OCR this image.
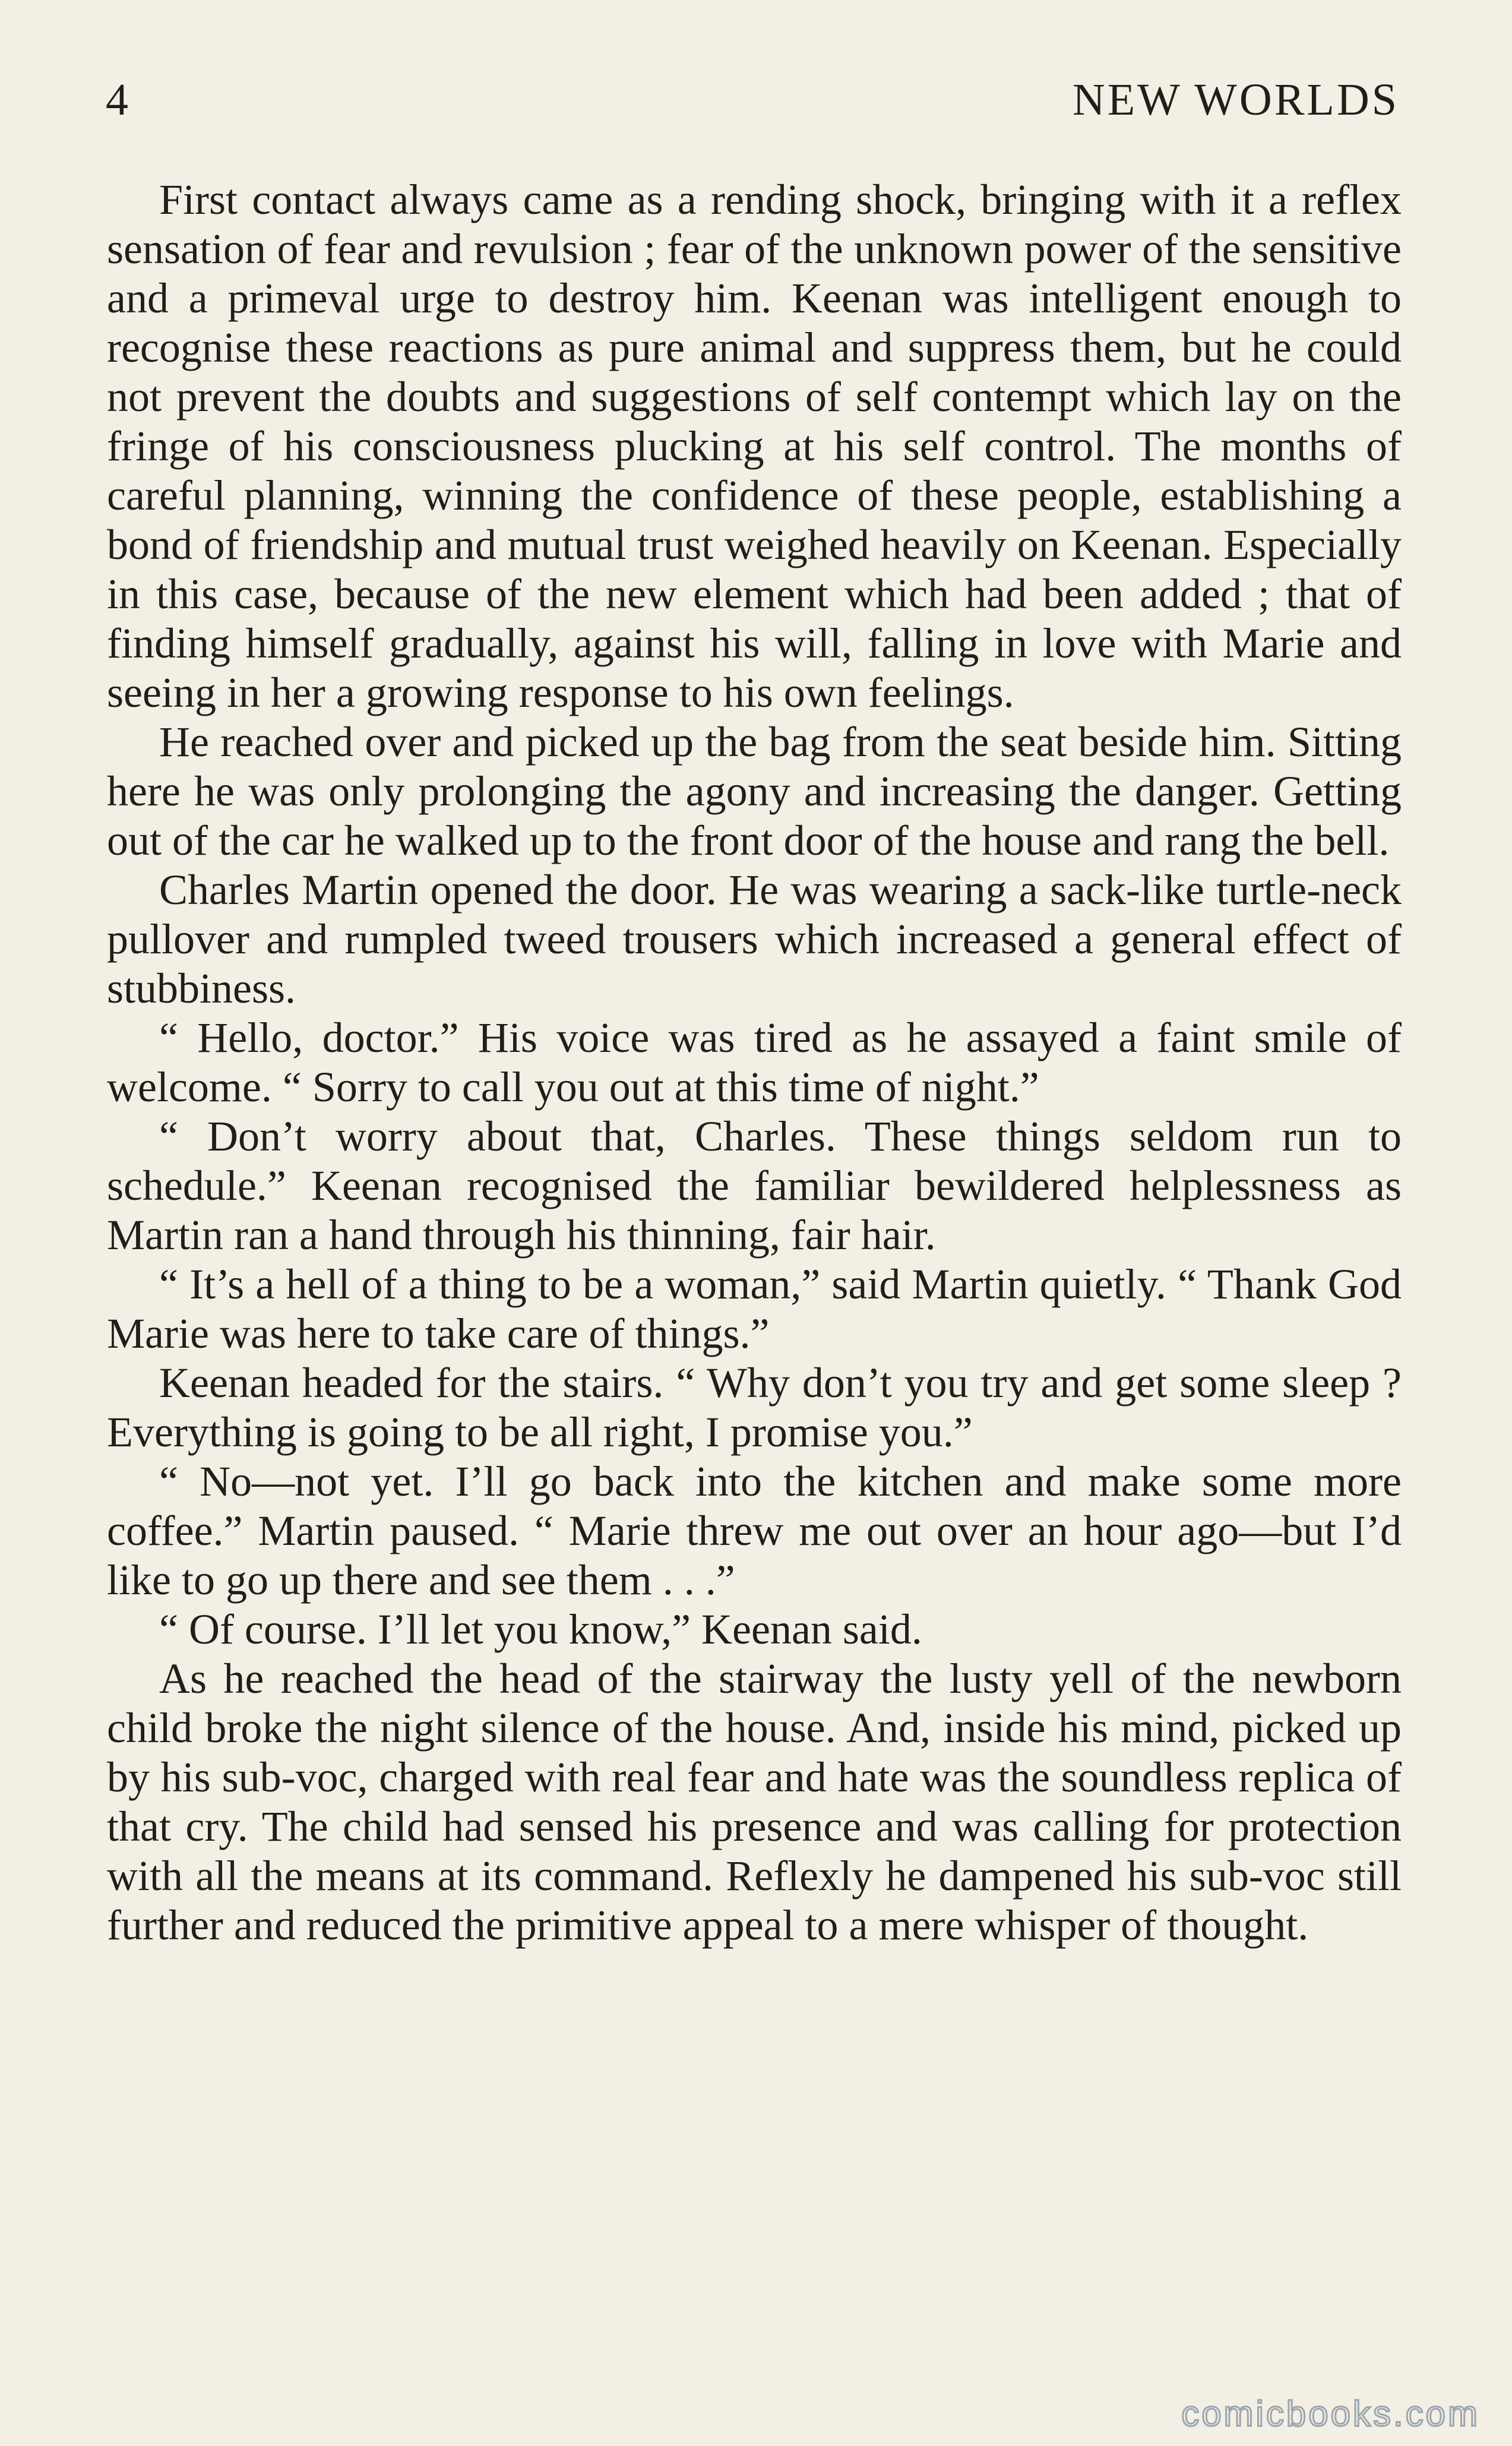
4	NEW WORLDS

First contact always came as a rending shock, bringing with it a reflex sensation of fear and revulsion ; fear of the unknown power of the sensitive and a primeval urge to destroy him. Keenan was intelligent enough to recognise these reactions as pure animal and suppress them, but he could not prevent the doubts and suggestions of self contempt which lay on the fringe of his consciousness plucking at his self control. The months of careful planning, winning the confidence of these people, establishing a bond of friendship and mutual trust weighed heavily on Keenan. Especially in this case, because of the new element which had been added ; that of finding himself gradually, against his will, falling in love with Marie and seeing in her a growing response to his own feelings.

He reached over and picked up the bag from the seat beside him. Sitting here he was only prolonging the agony and increasing the danger. Getting out of the car he walked up to the front door of the house and rang the bell.

Charles Martin opened the door. He was wearing a sack-like turtle-neck pullover and rumpled tweed trousers which increased a general effect of stubbiness.

“ Hello, doctor.” His voice was tired as he assayed a faint smile of welcome. “ Sorry to call you out at this time of night.”

“ Don’t worry about that, Charles. These things seldom run to schedule.” Keenan recognised the familiar bewildered helplessness as Martin ran a hand through his thinning, fair hair.

“ It’s a hell of a thing to be a woman,” said Martin quietly. “ Thank God Marie was here to take care of things.”

Keenan headed for the stairs. “ Why don’t you try and get some sleep ? Everything is going to be all right, I promise you.”

“ No—not yet. I’ll go back into the kitchen and make some more coffee.” Martin paused. “ Marie threw me out over an hour ago—but I’d like to go up there and see them . . .”

“ Of course. I’ll let you know,” Keenan said.

As he reached the head of the stairway the lusty yell of the newborn child broke the night silence of the house. And, inside his mind, picked up by his sub-voc, charged with real fear and hate was the soundless replica of that cry. The child had sensed his presence and was calling for protection with all the means at its command. Reflexly he dampened his sub-voc still further and reduced the primitive appeal to a mere whisper of thought.

comicbooks.com
